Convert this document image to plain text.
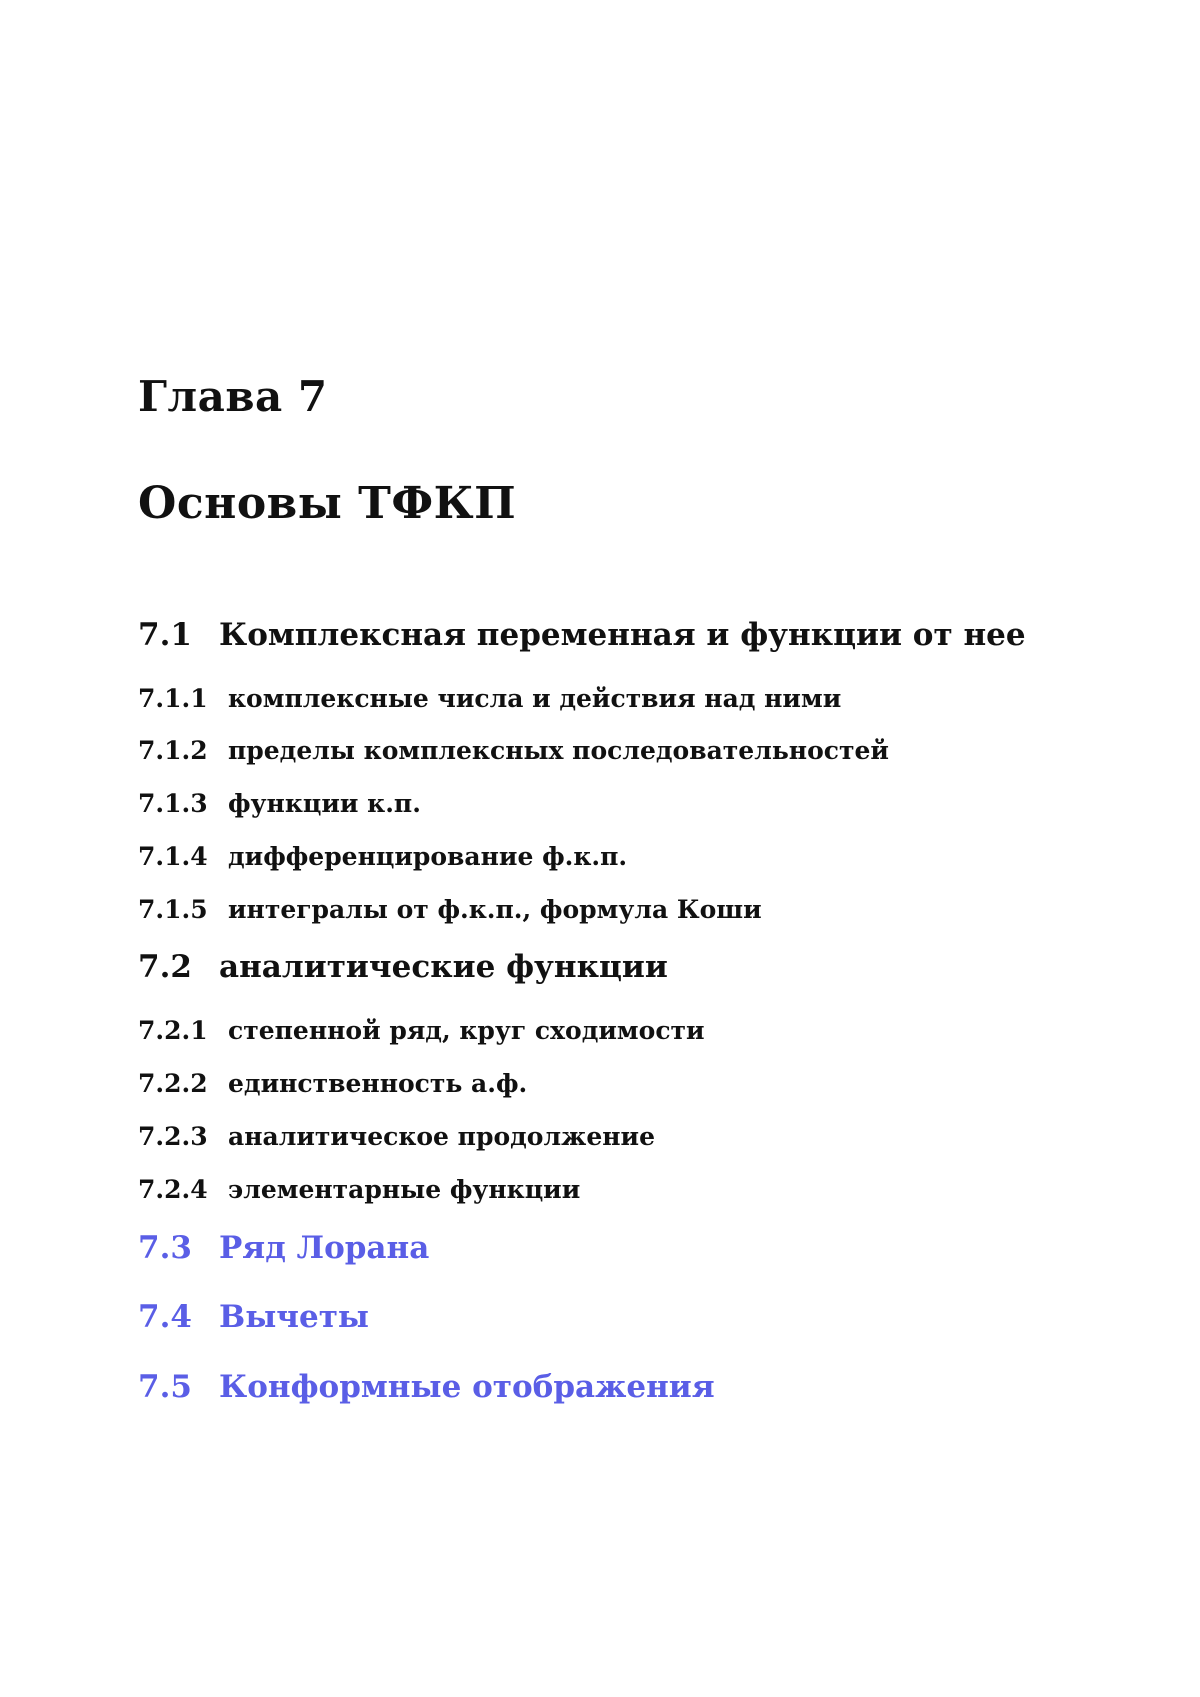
Глава 7
Основы ТФКП
7.1 Комплексная переменная и функции от нее
7.1.1 комплексные числа и действия над ними
7.1.2 пределы комплексных последовательностей
7.1.3 функции к.п.
7.1.4 дифференцирование ф.к.п.
7.1.5 интегралы от ф.к.п., формула Коши
7.2 аналитические функции
7.2.1 степенной ряд, круг сходимости
7.2.2 единственность а.ф.
7.2.3 аналитическое продолжение
7.2.4 элементарные функции
7.3 Ряд Лорана
7.4 Вычеты
7.5 Конформные отображения
